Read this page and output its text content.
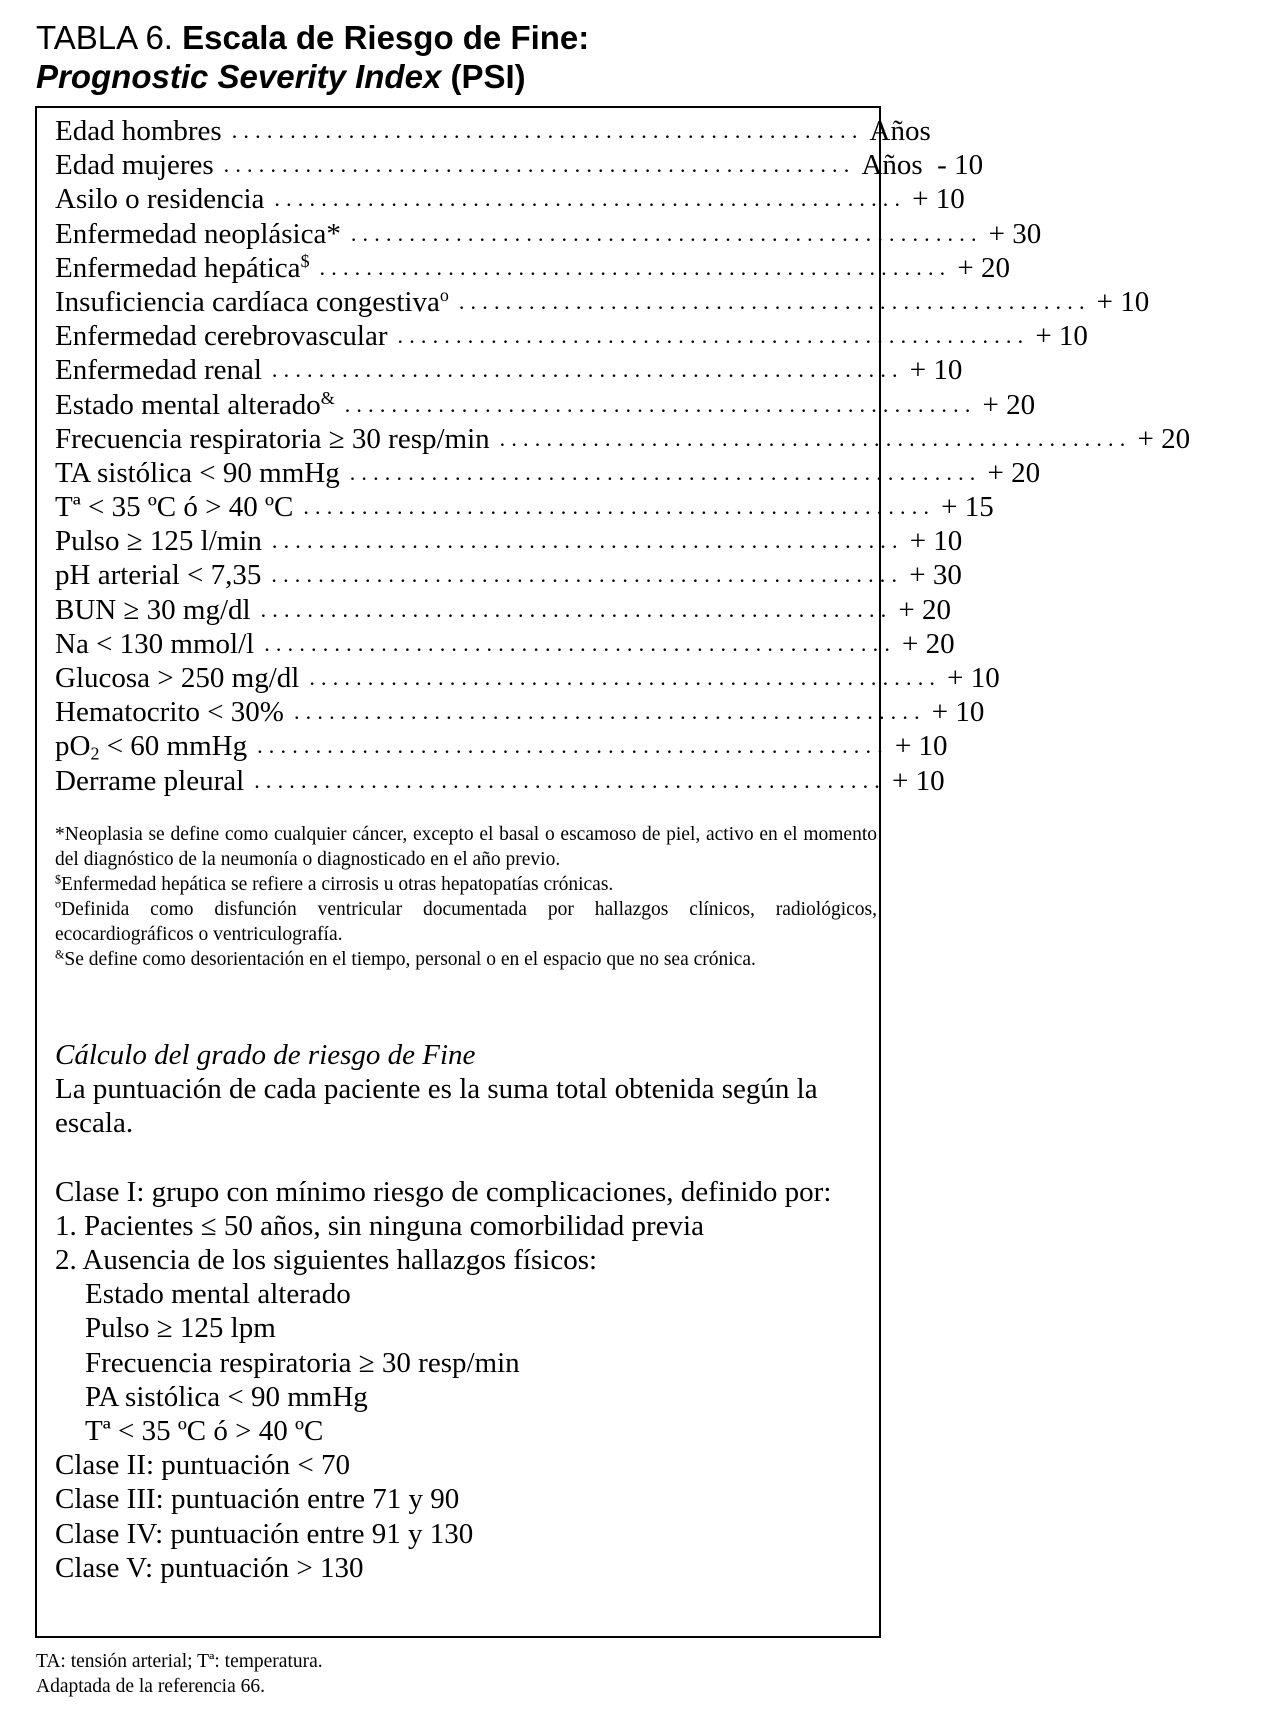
TABLA 6. Escala de Riesgo de Fine:
Prognostic Severity Index (PSI)
Edad hombres ...................................................... Años
Edad mujeres ...................................................... Años  - 10
Asilo o residencia ...................................................... + 10
Enfermedad neoplásica* ...................................................... + 30
Enfermedad hepática$ ...................................................... + 20
Insuficiencia cardíaca congestiva$^o$ ...................................................... + 10
Enfermedad cerebrovascular ...................................................... + 10
Enfermedad renal ...................................................... + 10
Estado mental alterado& ...................................................... + 20
Frecuencia respiratoria ≥ 30 resp/min ...................................................... + 20
TA sistólica < 90 mmHg ...................................................... + 20
Tª < 35 ºC ó > 40 ºC ...................................................... + 15
Pulso ≥ 125 l/min ...................................................... + 10
pH arterial < 7,35 ...................................................... + 30
BUN ≥ 30 mg/dl ...................................................... + 20
Na < 130 mmol/l ...................................................... + 20
Glucosa > 250 mg/dl ...................................................... + 10
Hematocrito < 30% ...................................................... + 10
$pO_2 < 60$ mmHg ...................................................... + 10
Derrame pleural ...................................................... + 10

*Neoplasia se define como cualquier cáncer, excepto el basal o escamoso de piel, activo en el momento del diagnóstico de la neumonía o diagnosticado en el año previo.

$Enfermedad hepática se refiere a cirrosis u otras hepatopatías crónicas.

ºDefinida como disfunción ventricular documentada por hallazgos clínicos, radiológicos, ecocardiográficos o ventriculografía.

&Se define como desorientación en el tiempo, personal o en el espacio que no sea crónica.

Cálculo del grado de riesgo de Fine

La puntuación de cada paciente es la suma total obtenida según la escala.

Clase I: grupo con mínimo riesgo de complicaciones, definido por:

1. Pacientes ≤ 50 años, sin ninguna comorbilidad previa

2. Ausencia de los siguientes hallazgos físicos:

Estado mental alterado

Pulso ≥ 125 lpm

Frecuencia respiratoria ≥ 30 resp/min

PA sistólica < 90 mmHg

Tª < 35 ºC ó > 40 ºC

Clase II: puntuación < 70

Clase III: puntuación entre 71 y 90

Clase IV: puntuación entre 91 y 130

Clase V: puntuación > 130

TA: tensión arterial; Tª: temperatura.

Adaptada de la referencia 66.
